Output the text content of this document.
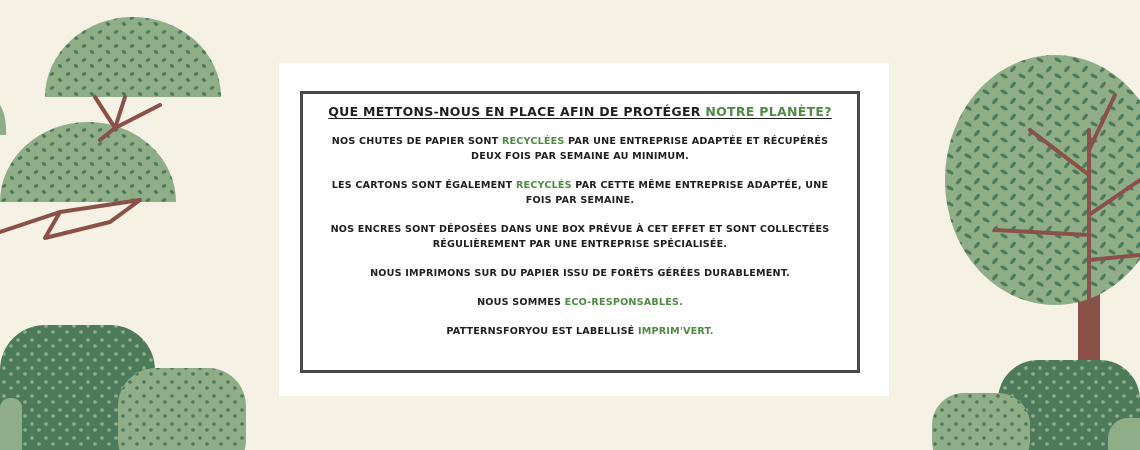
QUE METTONS-NOUS EN PLACE AFIN DE PROTÉGER NOTRE PLANÈTE?

NOS CHUTES DE PAPIER SONT RECYCLÉES PAR UNE ENTREPRISE ADAPTÉE ET RÉCUPÉRÉS DEUX FOIS PAR SEMAINE AU MINIMUM.

LES CARTONS SONT ÉGALEMENT RECYCLÉS PAR CETTE MÊME ENTREPRISE ADAPTÉE, UNE FOIS PAR SEMAINE.

NOS ENCRES SONT DÉPOSÉES DANS UNE BOX PRÉVUE À CET EFFET ET SONT COLLECTÉES RÉGULIÈREMENT PAR UNE ENTREPRISE SPÉCIALISÉE.

NOUS IMPRIMONS SUR DU PAPIER ISSU DE FORÊTS GÉRÉES DURABLEMENT.

NOUS SOMMES ECO-RESPONSABLES.

PATTERNSFORYOU EST LABELLISÉ IMPRIM'VERT.
